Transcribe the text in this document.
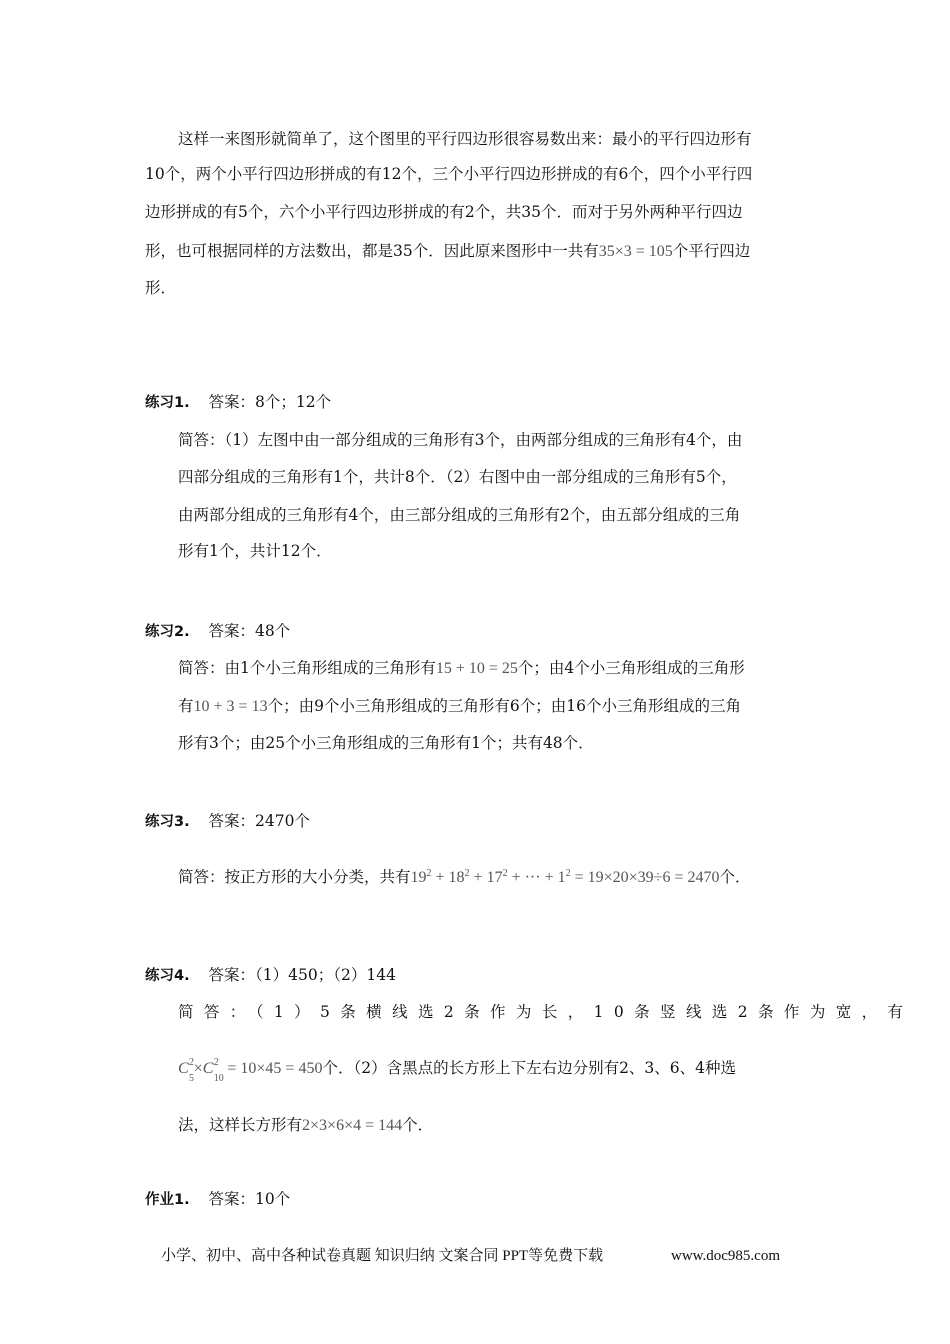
这样一来图形就简单了，这个图里的平行四边形很容易数出来：最小的平行四边形有
10个，两个小平行四边形拼成的有12个，三个小平行四边形拼成的有6个，四个小平行四
边形拼成的有5个，六个小平行四边形拼成的有2个，共35个．而对于另外两种平行四边
形，也可根据同样的方法数出，都是35个．因此原来图形中一共有35×3 = 105个平行四边
形．
练习1. 答案：8个；12个
简答：（1）左图中由一部分组成的三角形有3个，由两部分组成的三角形有4个，由
四部分组成的三角形有1个，共计8个．（2）右图中由一部分组成的三角形有5个，
由两部分组成的三角形有4个，由三部分组成的三角形有2个，由五部分组成的三角
形有1个，共计12个．
练习2. 答案：48个
简答：由1个小三角形组成的三角形有15 + 10 = 25个；由4个小三角形组成的三角形
有10 + 3 = 13个；由9个小三角形组成的三角形有6个；由16个小三角形组成的三角
形有3个；由25个小三角形组成的三角形有1个；共有48个．
练习3. 答案：2470个
简答：按正方形的大小分类，共有$19^2 + 18^2 + 17^2$ + ··· + $1^2 = 19\times 20\times 39\div 6 = 2470$个．
练习4. 答案：（1）450；（2）144
简答：（1）5条横线选2条作为长，10条竖线选2条作为宽，有
C 2
5
×C 2
10
= 10×45 = 450个．（2）含黑点的长方形上下左右边分别有2、3、6、4种选
法，这样长方形有2×3×6×4 = 144个．
作业1. 答案：10个
小学、初中、高中各种试卷真题 知识归纳 文案合同 PPT等免费下载	www.doc985.com
